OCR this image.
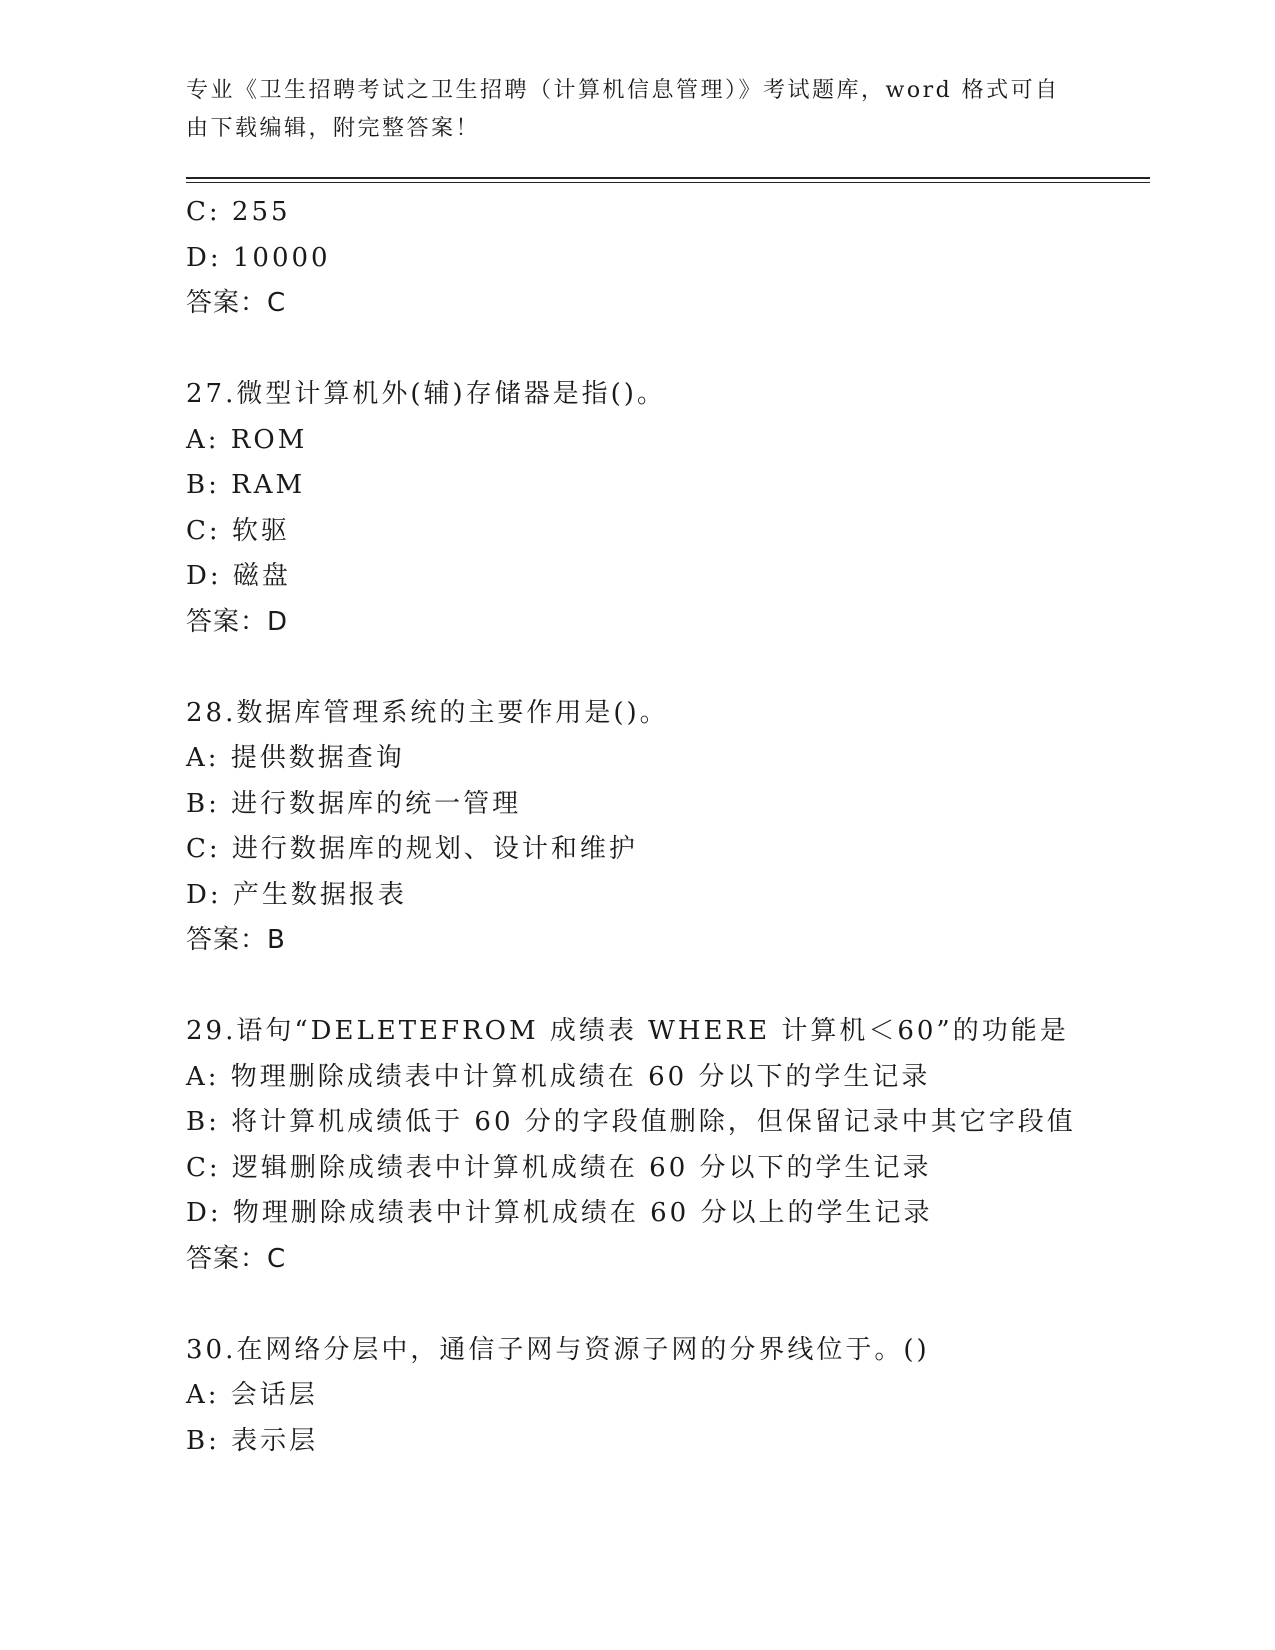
专业《卫生招聘考试之卫生招聘（计算机信息管理）》考试题库，word 格式可自
由下载编辑，附完整答案！
C: 255
D: 10000
答案：C
27.微型计算机外(辅)存储器是指()。
A: ROM
B: RAM
C: 软驱
D: 磁盘
答案：D
28.数据库管理系统的主要作用是()。
A: 提供数据查询
B: 进行数据库的统一管理
C: 进行数据库的规划、设计和维护
D: 产生数据报表
答案：B
29.语句“DELETEFROM 成绩表 WHERE 计算机＜60”的功能是
A: 物理删除成绩表中计算机成绩在 60 分以下的学生记录
B: 将计算机成绩低于 60 分的字段值删除，但保留记录中其它字段值
C: 逻辑删除成绩表中计算机成绩在 60 分以下的学生记录
D: 物理删除成绩表中计算机成绩在 60 分以上的学生记录
答案：C
30.在网络分层中，通信子网与资源子网的分界线位于。()
A: 会话层
B: 表示层
